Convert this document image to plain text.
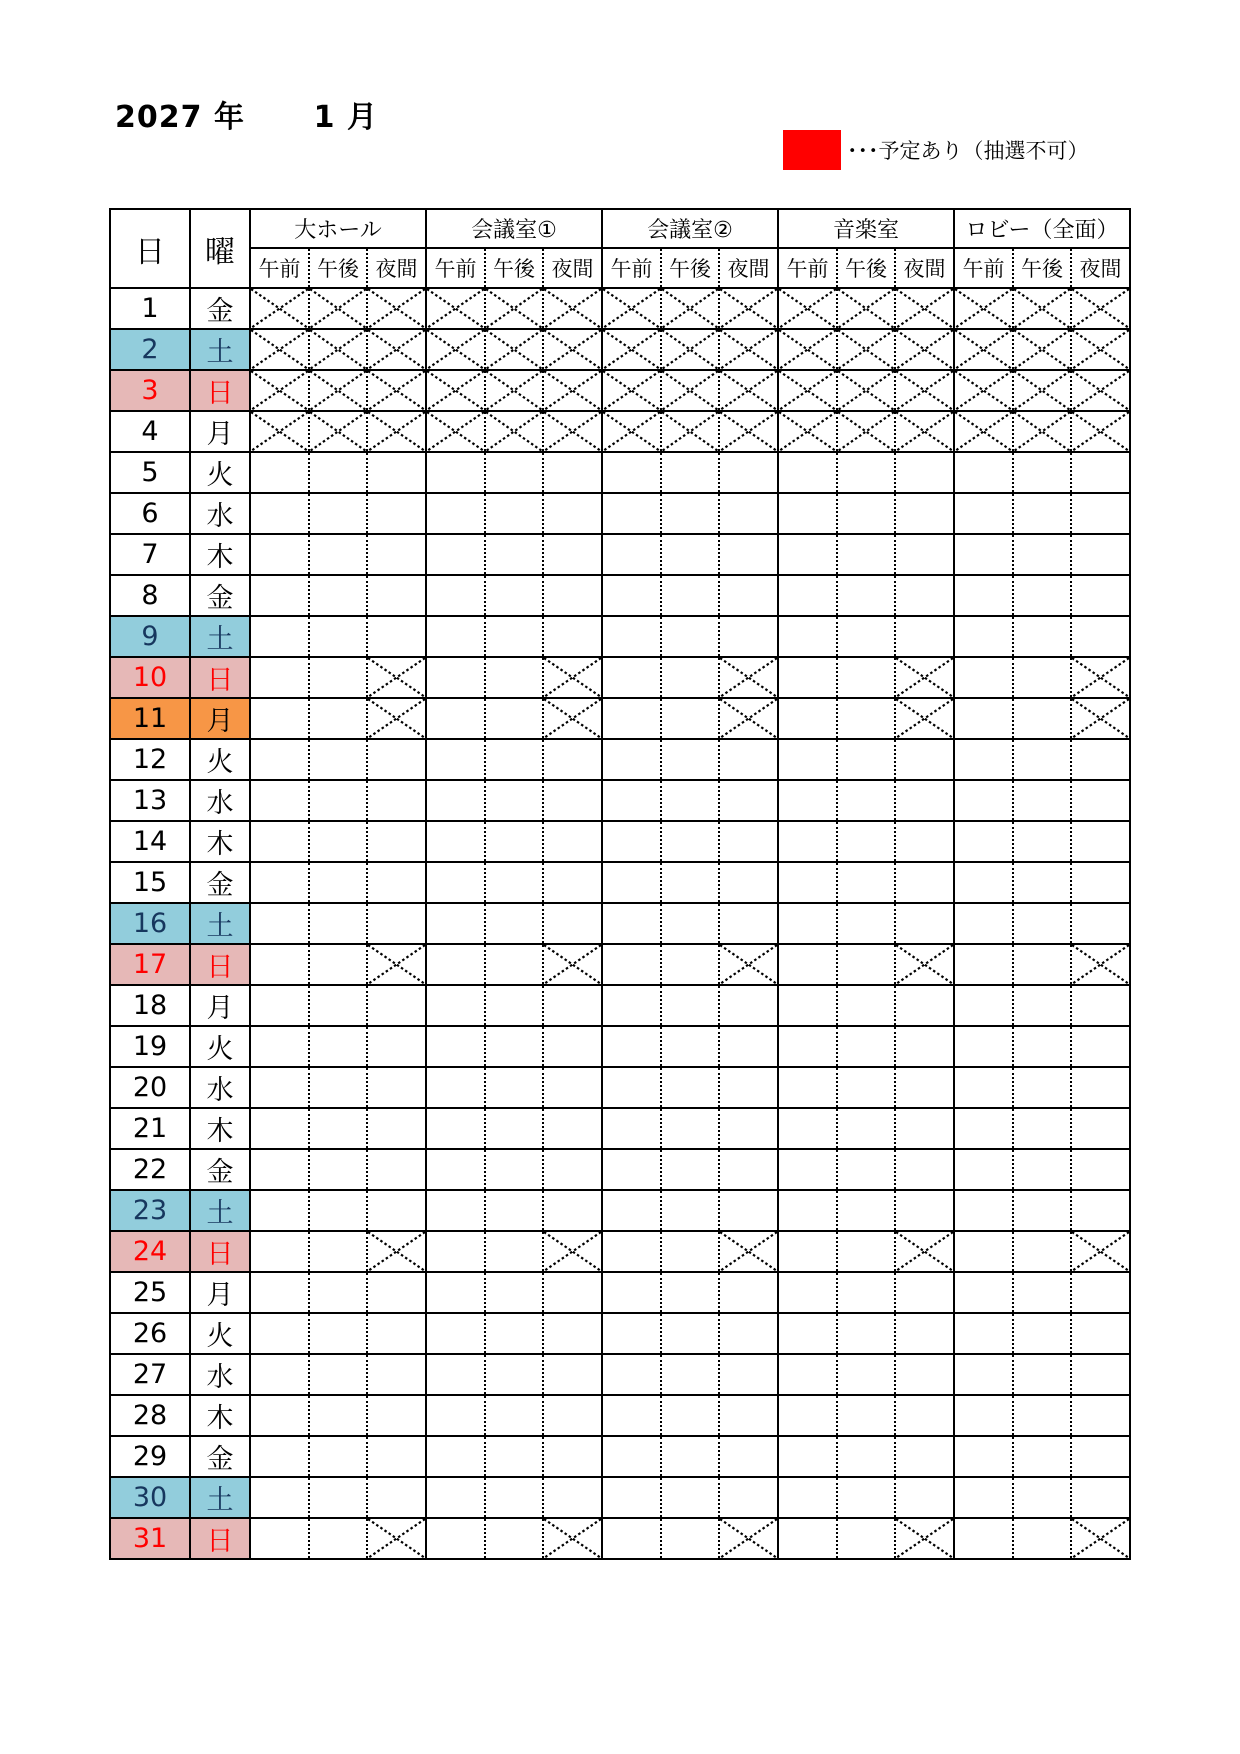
2027 年 1 月
･･･予定あり（抽選不可）
日	曜	大ホール			会議室①			会議室②			音楽室			ロビー（全面）		
		午前	午後	夜間	午前	午後	夜間	午前	午後	夜間	午前	午後	夜間	午前	午後	夜間
1	金	

2	土	

3	日	

4	月	

5	火															
6	水															
7	木															
8	金															
9	土															
10	日			

11	月			

12	火															
13	水															
14	木															
15	金															
16	土															
17	日			

18	月															
19	火															
20	水															
21	木															
22	金															
23	土															
24	日			

25	月															
26	火															
27	水															
28	木															
29	金															
30	土															
31	日			
